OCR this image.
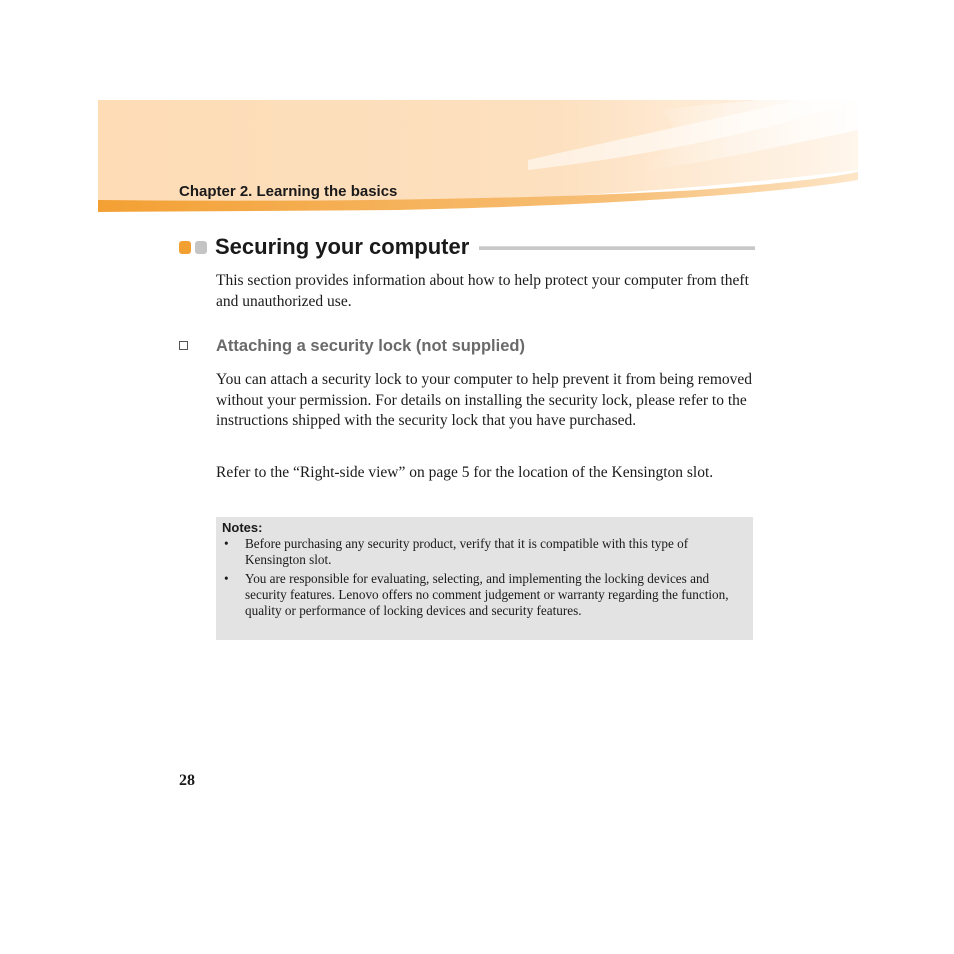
Chapter 2. Learning the basics
Securing your computer

This section provides information about how to help protect your computer from theft and unauthorized use.

Attaching a security lock (not supplied)

You can attach a security lock to your computer to help prevent it from being removed without your permission. For details on installing the security lock, please refer to the instructions shipped with the security lock that you have purchased.

Refer to the “Right-side view” on page 5 for the location of the Kensington slot.

Notes:
• Before purchasing any security product, verify that it is compatible with this type of Kensington slot.
• You are responsible for evaluating, selecting, and implementing the locking devices and security features. Lenovo offers no comment judgement or warranty regarding the function, quality or performance of locking devices and security features.
28
